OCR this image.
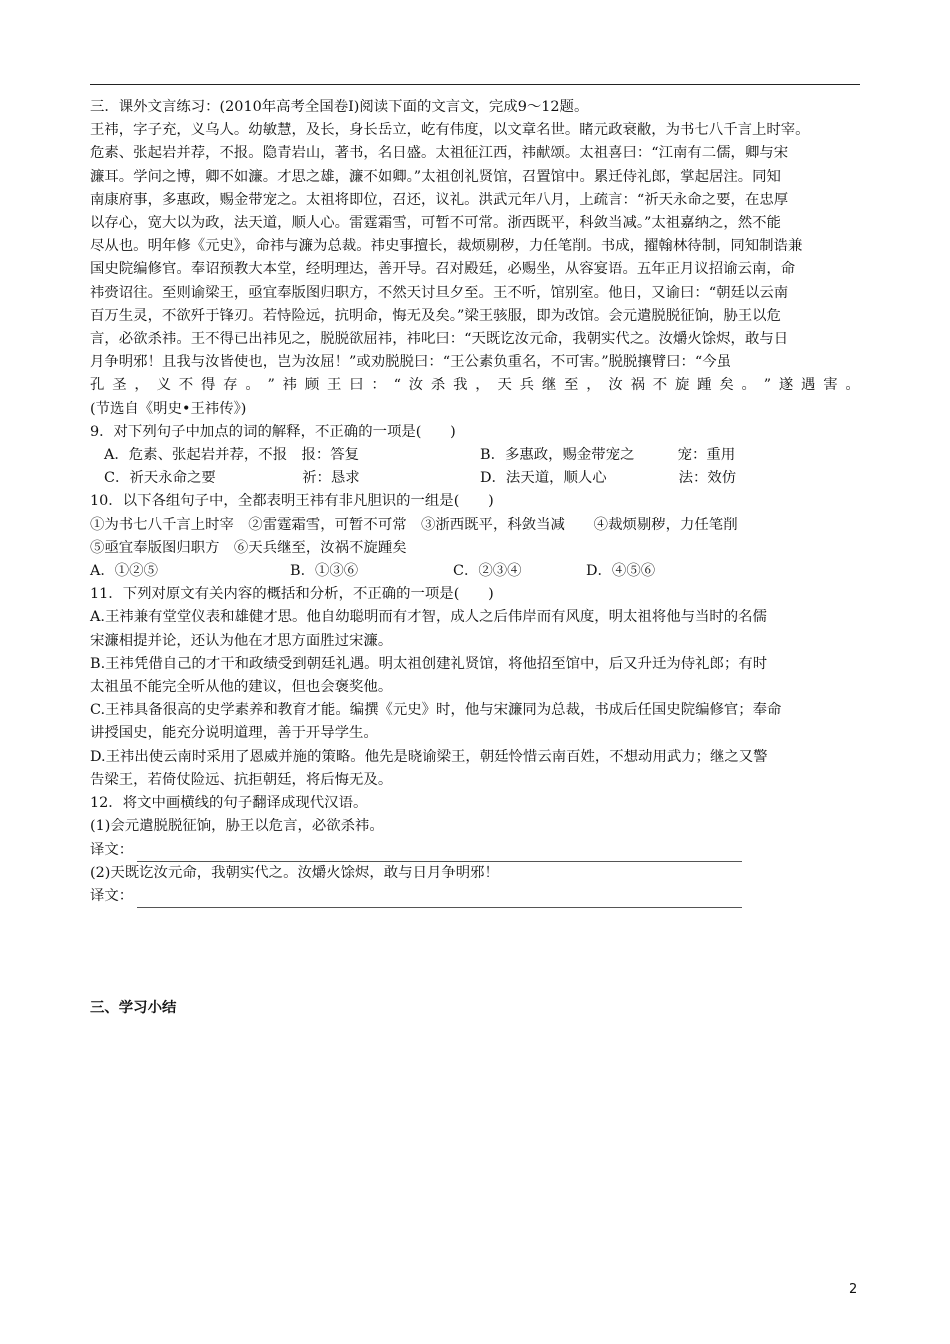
三．课外文言练习：(2010年高考全国卷Ⅰ)阅读下面的文言文，完成9～12题。
王祎，字子充，义乌人。幼敏慧，及长，身长岳立，屹有伟度，以文章名世。睹元政衰敝，为书七八千言上时宰。
危素、张起岩并荐，不报。隐青岩山，著书，名日盛。太祖征江西，祎献颂。太祖喜曰：“江南有二儒，卿与宋
濂耳。学问之博，卿不如濂。才思之雄，濂不如卿。”太祖创礼贤馆，召置馆中。累迁侍礼郎，掌起居注。同知
南康府事，多惠政，赐金带宠之。太祖将即位，召还，议礼。洪武元年八月，上疏言：“祈天永命之要，在忠厚
以存心，宽大以为政，法天道，顺人心。雷霆霜雪，可暂不可常。浙西既平，科敛当减。”太祖嘉纳之，然不能
尽从也。明年修《元史》，命祎与濂为总裁。祎史事擅长，裁烦剔秽，力任笔削。书成，擢翰林待制，同知制诰兼
国史院编修官。奉诏预教大本堂，经明理达，善开导。召对殿廷，必赐坐，从容宴语。五年正月议招谕云南，命
祎赍诏往。至则谕梁王，亟宜奉版图归职方，不然天讨旦夕至。王不听，馆别室。他日，又谕曰：“朝廷以云南
百万生灵，不欲歼于锋刃。若恃险远，抗明命，悔无及矣。”梁王骇服，即为改馆。会元遣脱脱征饷，胁王以危
言，必欲杀祎。王不得已出祎见之，脱脱欲屈祎，祎叱曰：“天既讫汝元命，我朝实代之。汝爝火馀烬，敢与日
月争明邪！且我与汝皆使也，岂为汝屈！”或劝脱脱曰：“王公素负重名，不可害。”脱脱攘臂曰：“今虽
孔 圣 ， 义 不 得 存 。 ” 祎 顾 王 曰 ： “ 汝 杀 我 ， 天 兵 继 至 ， 汝 祸 不 旋 踵 矣 。 ” 遂 遇 害 。
(节选自《明史•王祎传》)
9．对下列句子中加点的词的解释，不正确的一项是(　　)
A．危素、张起岩并荐，不报　报：答复	B．多惠政，赐金带宠之　　　宠：重用
C．祈天永命之要　　　　　　祈：恳求	D．法天道，顺人心　　　　　法：效仿
10．以下各组句子中，全都表明王祎有非凡胆识的一组是(　　)
①为书七八千言上时宰　②雷霆霜雪，可暂不可常　③浙西既平，科敛当减　　④裁烦剔秽，力任笔削
⑤亟宜奉版图归职方　⑥天兵继至，汝祸不旋踵矣
A．①②⑤	B．①③⑥	C．②③④	D．④⑤⑥
11．下列对原文有关内容的概括和分析，不正确的一项是(　　)
A.王祎兼有堂堂仪表和雄健才思。他自幼聪明而有才智，成人之后伟岸而有风度，明太祖将他与当时的名儒
宋濂相提并论，还认为他在才思方面胜过宋濂。
B.王祎凭借自己的才干和政绩受到朝廷礼遇。明太祖创建礼贤馆，将他招至馆中，后又升迁为侍礼郎；有时
太祖虽不能完全听从他的建议，但也会褒奖他。
C.王祎具备很高的史学素养和教育才能。编撰《元史》时，他与宋濂同为总裁，书成后任国史院编修官；奉命
讲授国史，能充分说明道理，善于开导学生。
D.王祎出使云南时采用了恩威并施的策略。他先是晓谕梁王，朝廷怜惜云南百姓，不想动用武力；继之又警
告梁王，若倚仗险远、抗拒朝廷，将后悔无及。
12．将文中画横线的句子翻译成现代汉语。
(1)会元遣脱脱征饷，胁王以危言，必欲杀祎。
译文：
(2)天既讫汝元命，我朝实代之。汝爝火馀烬，敢与日月争明邪！
译文：
三、学习小结
2
